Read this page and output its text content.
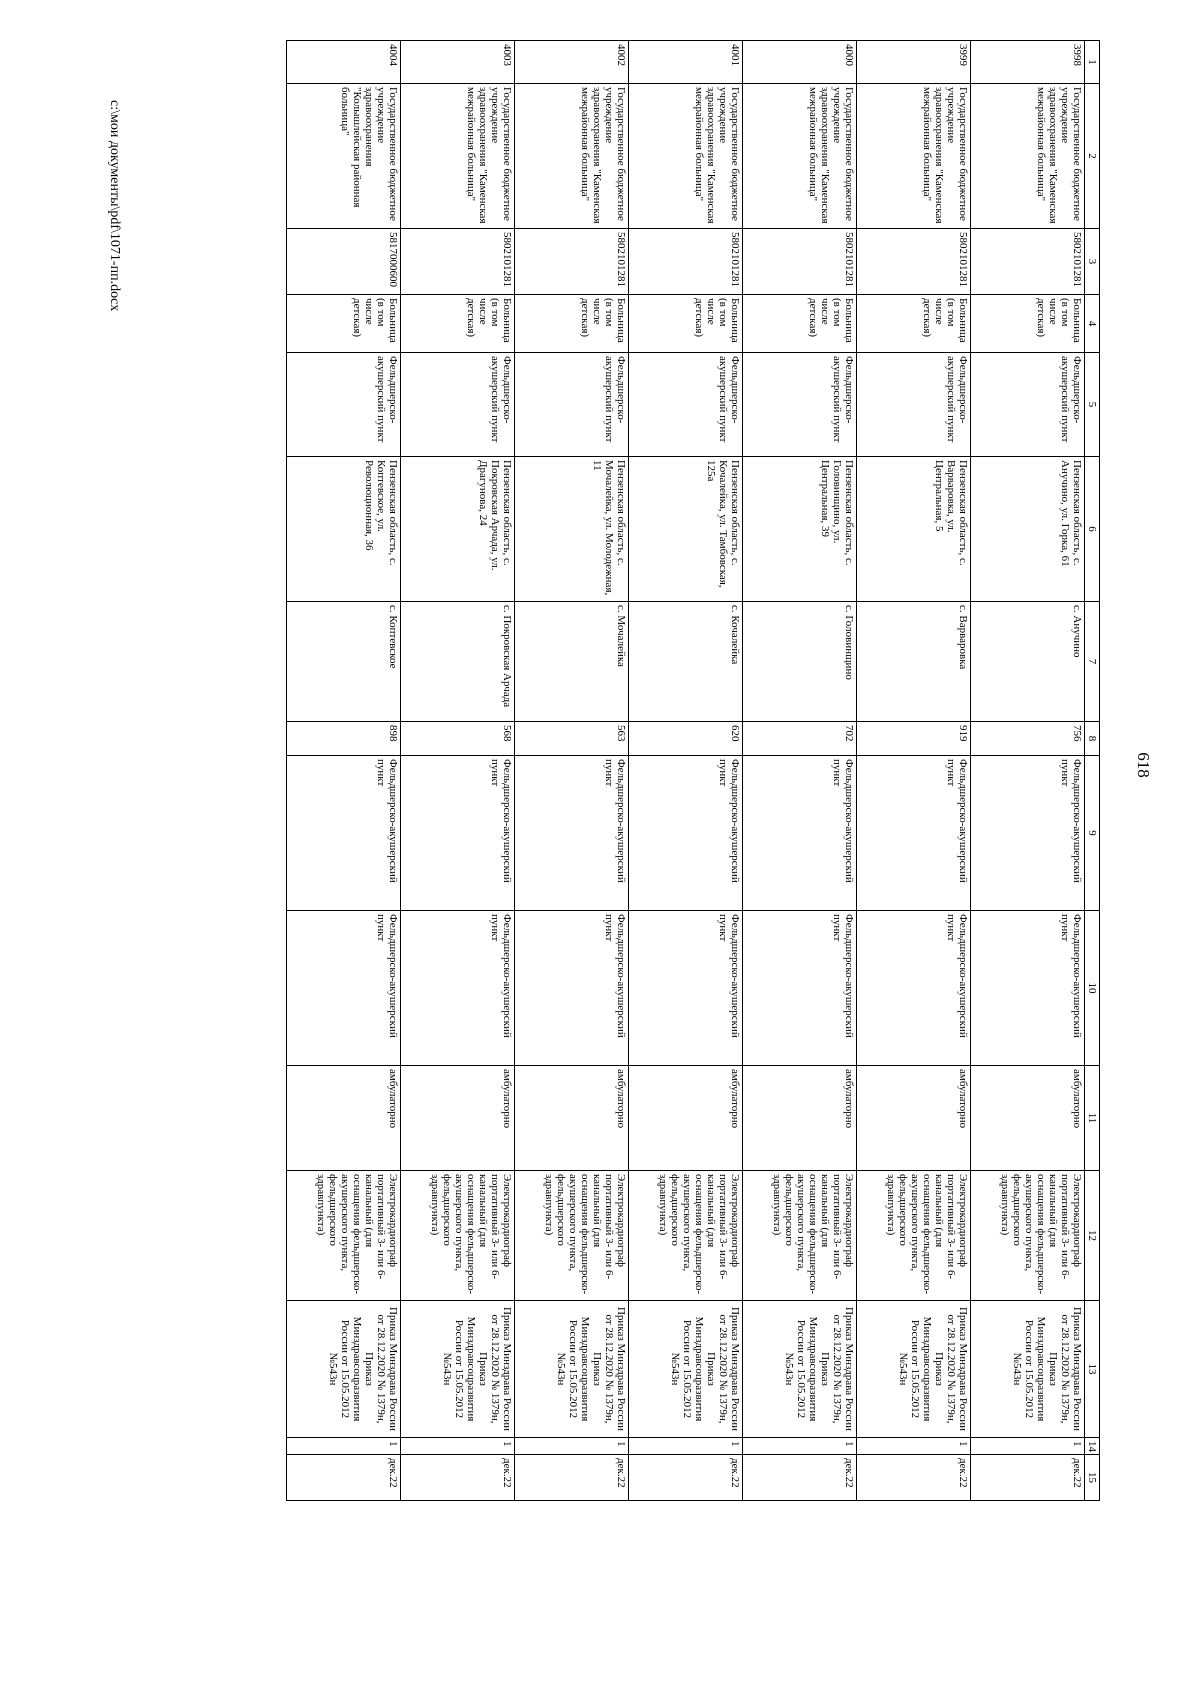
618
1	2	3	4	5	6	7	8	9	10	11	12	13	14	15
3998	Государственное бюджетное учреждение здравоохранения "Каменская межрайонная больница"	5802101281	Больница (в том числе детская)	Фельдшерско-акушерский пункт	Пензенская область, с. Анучино, ул. Горка, 61	с. Анучино	756	Фельдшерско-акушерский пункт	Фельдшерско-акушерский пункт	амбулаторно	Электрокардиограф портативный 3- или 6-канальный (для оснащения фельдшерско-акушерского пункта, фельдшерского здравпункта)	Приказ Минздрава России от 28.12.2020 № 1379н, Приказ Минздравсоцразвития России от 15.05.2012 №543н	1	дек.22
3999	Государственное бюджетное учреждение здравоохранения "Каменская межрайонная больница"	5802101281	Больница (в том числе детская)	Фельдшерско-акушерский пункт	Пензенская область, с. Варваровка, ул. Центральная, 5	с. Варваровка	919	Фельдшерско-акушерский пункт	Фельдшерско-акушерский пункт	амбулаторно	Электрокардиограф портативный 3- или 6-канальный (для оснащения фельдшерско-акушерского пункта, фельдшерского здравпункта)	Приказ Минздрава России от 28.12.2020 № 1379н, Приказ Минздравсоцразвития России от 15.05.2012 №543н	1	дек.22
4000	Государственное бюджетное учреждение здравоохранения "Каменская межрайонная больница"	5802101281	Больница (в том числе детская)	Фельдшерско-акушерский пункт	Пензенская область, с. Головинщино, ул. Центральная, 39	с. Головинщино	702	Фельдшерско-акушерский пункт	Фельдшерско-акушерский пункт	амбулаторно	Электрокардиограф портативный 3- или 6-канальный (для оснащения фельдшерско-акушерского пункта, фельдшерского здравпункта)	Приказ Минздрава России от 28.12.2020 № 1379н, Приказ Минздравсоцразвития России от 15.05.2012 №543н	1	дек.22
4001	Государственное бюджетное учреждение здравоохранения "Каменская межрайонная больница"	5802101281	Больница (в том числе детская)	Фельдшерско-акушерский пункт	Пензенская область, с. Кочалейка, ул. Тамбовская, 125а	с. Кочалейка	620	Фельдшерско-акушерский пункт	Фельдшерско-акушерский пункт	амбулаторно	Электрокардиограф портативный 3- или 6-канальный (для оснащения фельдшерско-акушерского пункта, фельдшерского здравпункта)	Приказ Минздрава России от 28.12.2020 № 1379н, Приказ Минздравсоцразвития России от 15.05.2012 №543н	1	дек.22
4002	Государственное бюджетное учреждение здравоохранения "Каменская межрайонная больница"	5802101281	Больница (в том числе детская)	Фельдшерско-акушерский пункт	Пензенская область, с. Мочалейка, ул. Молодежная, 11	с. Мочалейка	563	Фельдшерско-акушерский пункт	Фельдшерско-акушерский пункт	амбулаторно	Электрокардиограф портативный 3- или 6-канальный (для оснащения фельдшерско-акушерского пункта, фельдшерского здравпункта)	Приказ Минздрава России от 28.12.2020 № 1379н, Приказ Минздравсоцразвития России от 15.05.2012 №543н	1	дек.22
4003	Государственное бюджетное учреждение здравоохранения "Каменская межрайонная больница"	5802101281	Больница (в том числе детская)	Фельдшерско-акушерский пункт	Пензенская область, с. Покровская Арчада, ул. Драгунова, 24	с. Покровская Арчада	568	Фельдшерско-акушерский пункт	Фельдшерско-акушерский пункт	амбулаторно	Электрокардиограф портативный 3- или 6-канальный (для оснащения фельдшерско-акушерского пункта, фельдшерского здравпункта)	Приказ Минздрава России от 28.12.2020 № 1379н, Приказ Минздравсоцразвития России от 15.05.2012 №543н	1	дек.22
4004	Государственное бюджетное учреждение здравоохранения "Колышлейская районная больница"	5817000600	Больница (в том числе детская)	Фельдшерско-акушерский пункт	Пензенская область, с. Коптевское, ул. Революционная, 36	с. Коптевское	898	Фельдшерско-акушерский пункт	Фельдшерско-акушерский пункт	амбулаторно	Электрокардиограф портативный 3- или 6-канальный (для оснащения фельдшерско-акушерского пункта, фельдшерского здравпункта)	Приказ Минздрава России от 28.12.2020 № 1379н, Приказ Минздравсоцразвития России от 15.05.2012 №543н	1	дек.22
c:\мои документы\pdf\1071-пп.docx
